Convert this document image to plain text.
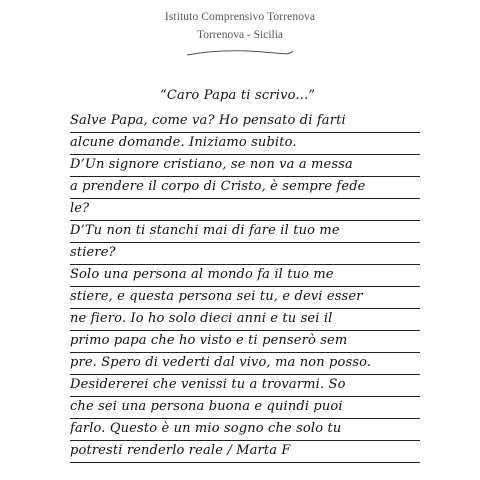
Istituto Comprensivo Torrenova
Torrenova - Sicilia
“Caro Papa ti scrivo...”
Salve Papa, come va? Ho pensato di farti
alcune domande. Iniziamo subito.
D’Un signore cristiano, se non va a messa
a prendere il corpo di Cristo, è sempre fede
le?
D’Tu non ti stanchi mai di fare il tuo me
stiere?
Solo una persona al mondo fa il tuo me
stiere, e questa persona sei tu, e devi esser
ne fiero. Io ho solo dieci anni e tu sei il
primo papa che ho visto e ti penserò sem
pre. Spero di vederti dal vivo, ma non posso.
Desidererei che venissi tu a trovarmi. So
che sei una persona buona e quindi puoi
farlo. Questo è un mio sogno che solo tu
potresti renderlo reale / Marta F
